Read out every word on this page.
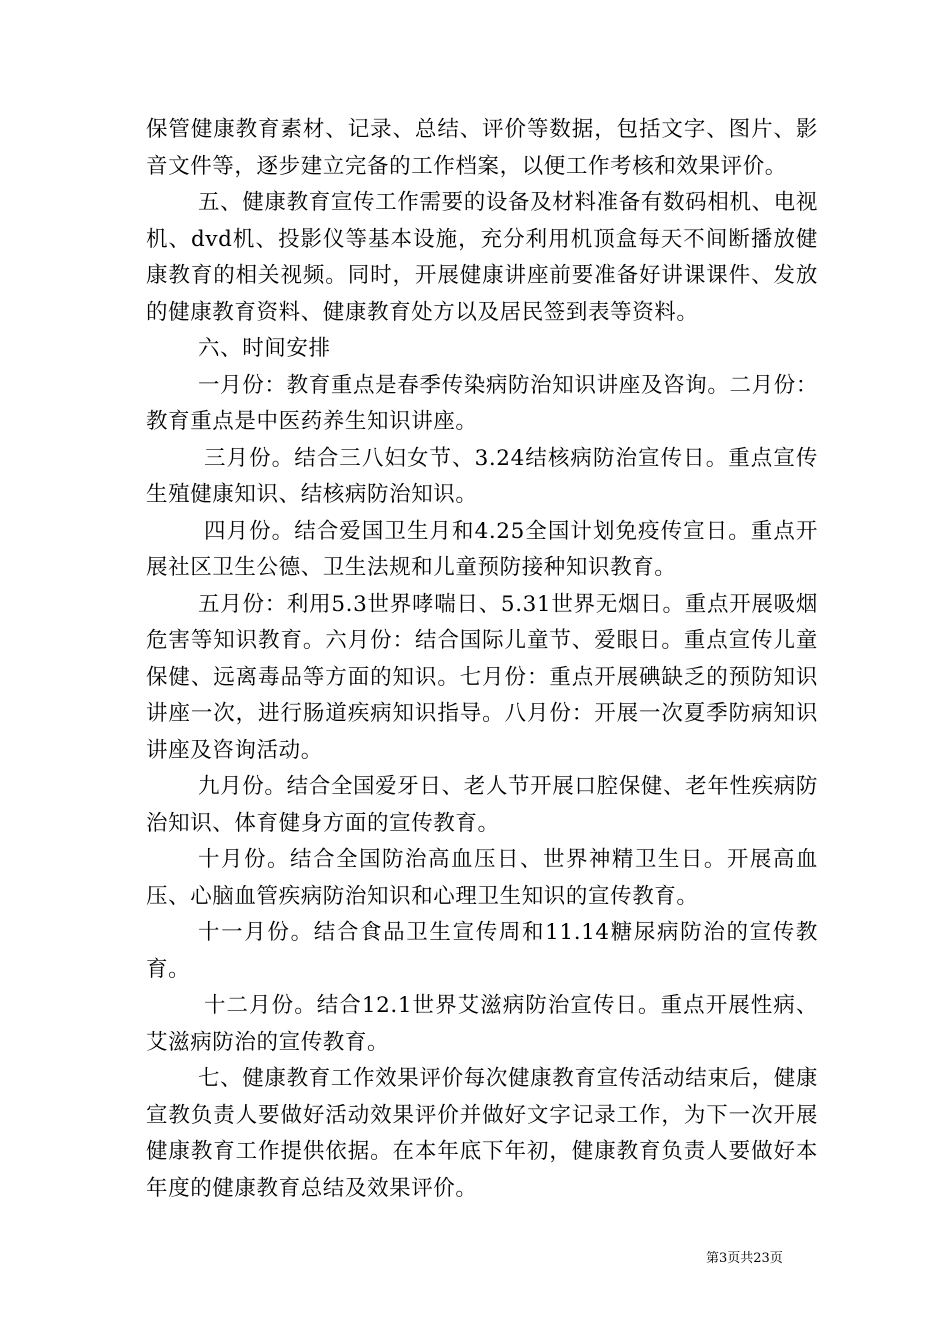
保管健康教育素材、记录、总结、评价等数据，包括文字、图片、影音文件等，逐步建立完备的工作档案，以便工作考核和效果评价。

五、健康教育宣传工作需要的设备及材料准备有数码相机、电视机、dvd机、投影仪等基本设施，充分利用机顶盒每天不间断播放健康教育的相关视频。同时，开展健康讲座前要准备好讲课课件、发放的健康教育资料、健康教育处方以及居民签到表等资料。

六、时间安排

一月份：教育重点是春季传染病防治知识讲座及咨询。二月份：教育重点是中医药养生知识讲座。

三月份。结合三八妇女节、3.24结核病防治宣传日。重点宣传生殖健康知识、结核病防治知识。

四月份。结合爱国卫生月和4.25全国计划免疫传宣日。重点开展社区卫生公德、卫生法规和儿童预防接种知识教育。

五月份：利用5.3世界哮喘日、5.31世界无烟日。重点开展吸烟危害等知识教育。六月份：结合国际儿童节、爱眼日。重点宣传儿童保健、远离毒品等方面的知识。七月份：重点开展碘缺乏的预防知识讲座一次，进行肠道疾病知识指导。八月份：开展一次夏季防病知识讲座及咨询活动。

九月份。结合全国爱牙日、老人节开展口腔保健、老年性疾病防治知识、体育健身方面的宣传教育。

十月份。结合全国防治高血压日、世界神精卫生日。开展高血压、心脑血管疾病防治知识和心理卫生知识的宣传教育。

十一月份。结合食品卫生宣传周和11.14糖尿病防治的宣传教育。

十二月份。结合12.1世界艾滋病防治宣传日。重点开展性病、艾滋病防治的宣传教育。

七、健康教育工作效果评价每次健康教育宣传活动结束后，健康宣教负责人要做好活动效果评价并做好文字记录工作，为下一次开展健康教育工作提供依据。在本年底下年初，健康教育负责人要做好本年度的健康教育总结及效果评价。

第3页共23页
